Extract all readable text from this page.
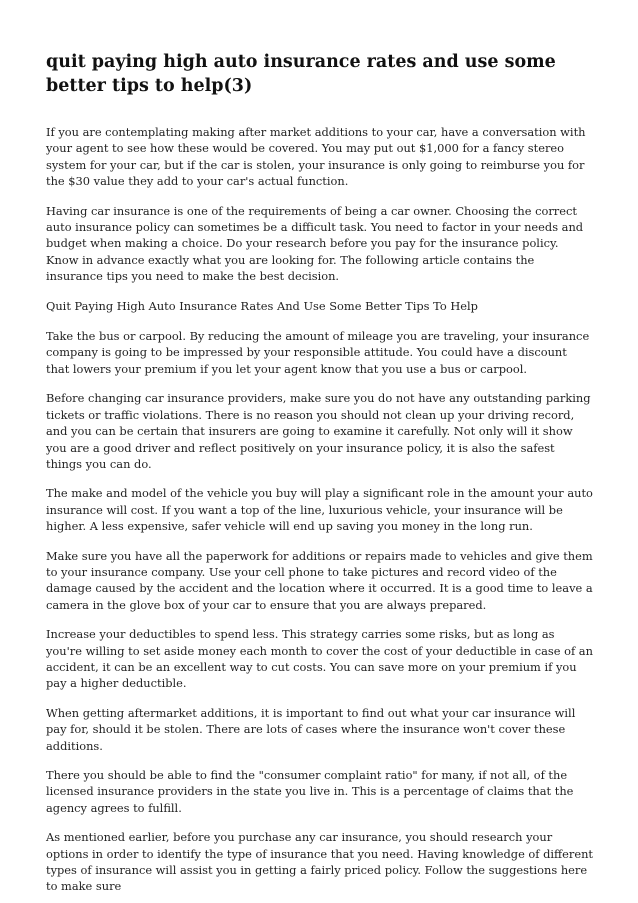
quit paying high auto insurance rates and use some better tips to help(3)

If you are contemplating making after market additions to your car, have a conversation with your agent to see how these would be covered. You may put out $1,000 for a fancy stereo system for your car, but if the car is stolen, your insurance is only going to reimburse you for the $30 value they add to your car's actual function.

Having car insurance is one of the requirements of being a car owner. Choosing the correct auto insurance policy can sometimes be a difficult task. You need to factor in your needs and budget when making a choice. Do your research before you pay for the insurance policy. Know in advance exactly what you are looking for. The following article contains the insurance tips you need to make the best decision.

Quit Paying High Auto Insurance Rates And Use Some Better Tips To Help

Take the bus or carpool. By reducing the amount of mileage you are traveling, your insurance company is going to be impressed by your responsible attitude. You could have a discount that lowers your premium if you let your agent know that you use a bus or carpool.

Before changing car insurance providers, make sure you do not have any outstanding parking tickets or traffic violations. There is no reason you should not clean up your driving record, and you can be certain that insurers are going to examine it carefully. Not only will it show you are a good driver and reflect positively on your insurance policy, it is also the safest things you can do.

The make and model of the vehicle you buy will play a significant role in the amount your auto insurance will cost. If you want a top of the line, luxurious vehicle, your insurance will be higher. A less expensive, safer vehicle will end up saving you money in the long run.

Make sure you have all the paperwork for additions or repairs made to vehicles and give them to your insurance company. Use your cell phone to take pictures and record video of the damage caused by the accident and the location where it occurred. It is a good time to leave a camera in the glove box of your car to ensure that you are always prepared.

Increase your deductibles to spend less. This strategy carries some risks, but as long as you're willing to set aside money each month to cover the cost of your deductible in case of an accident, it can be an excellent way to cut costs. You can save more on your premium if you pay a higher deductible.

When getting aftermarket additions, it is important to find out what your car insurance will pay for, should it be stolen. There are lots of cases where the insurance won't cover these additions.

There you should be able to find the "consumer complaint ratio" for many, if not all, of the licensed insurance providers in the state you live in. This is a percentage of claims that the agency agrees to fulfill.

As mentioned earlier, before you purchase any car insurance, you should research your options in order to identify the type of insurance that you need. Having knowledge of different types of insurance will assist you in getting a fairly priced policy. Follow the suggestions here to make sure
